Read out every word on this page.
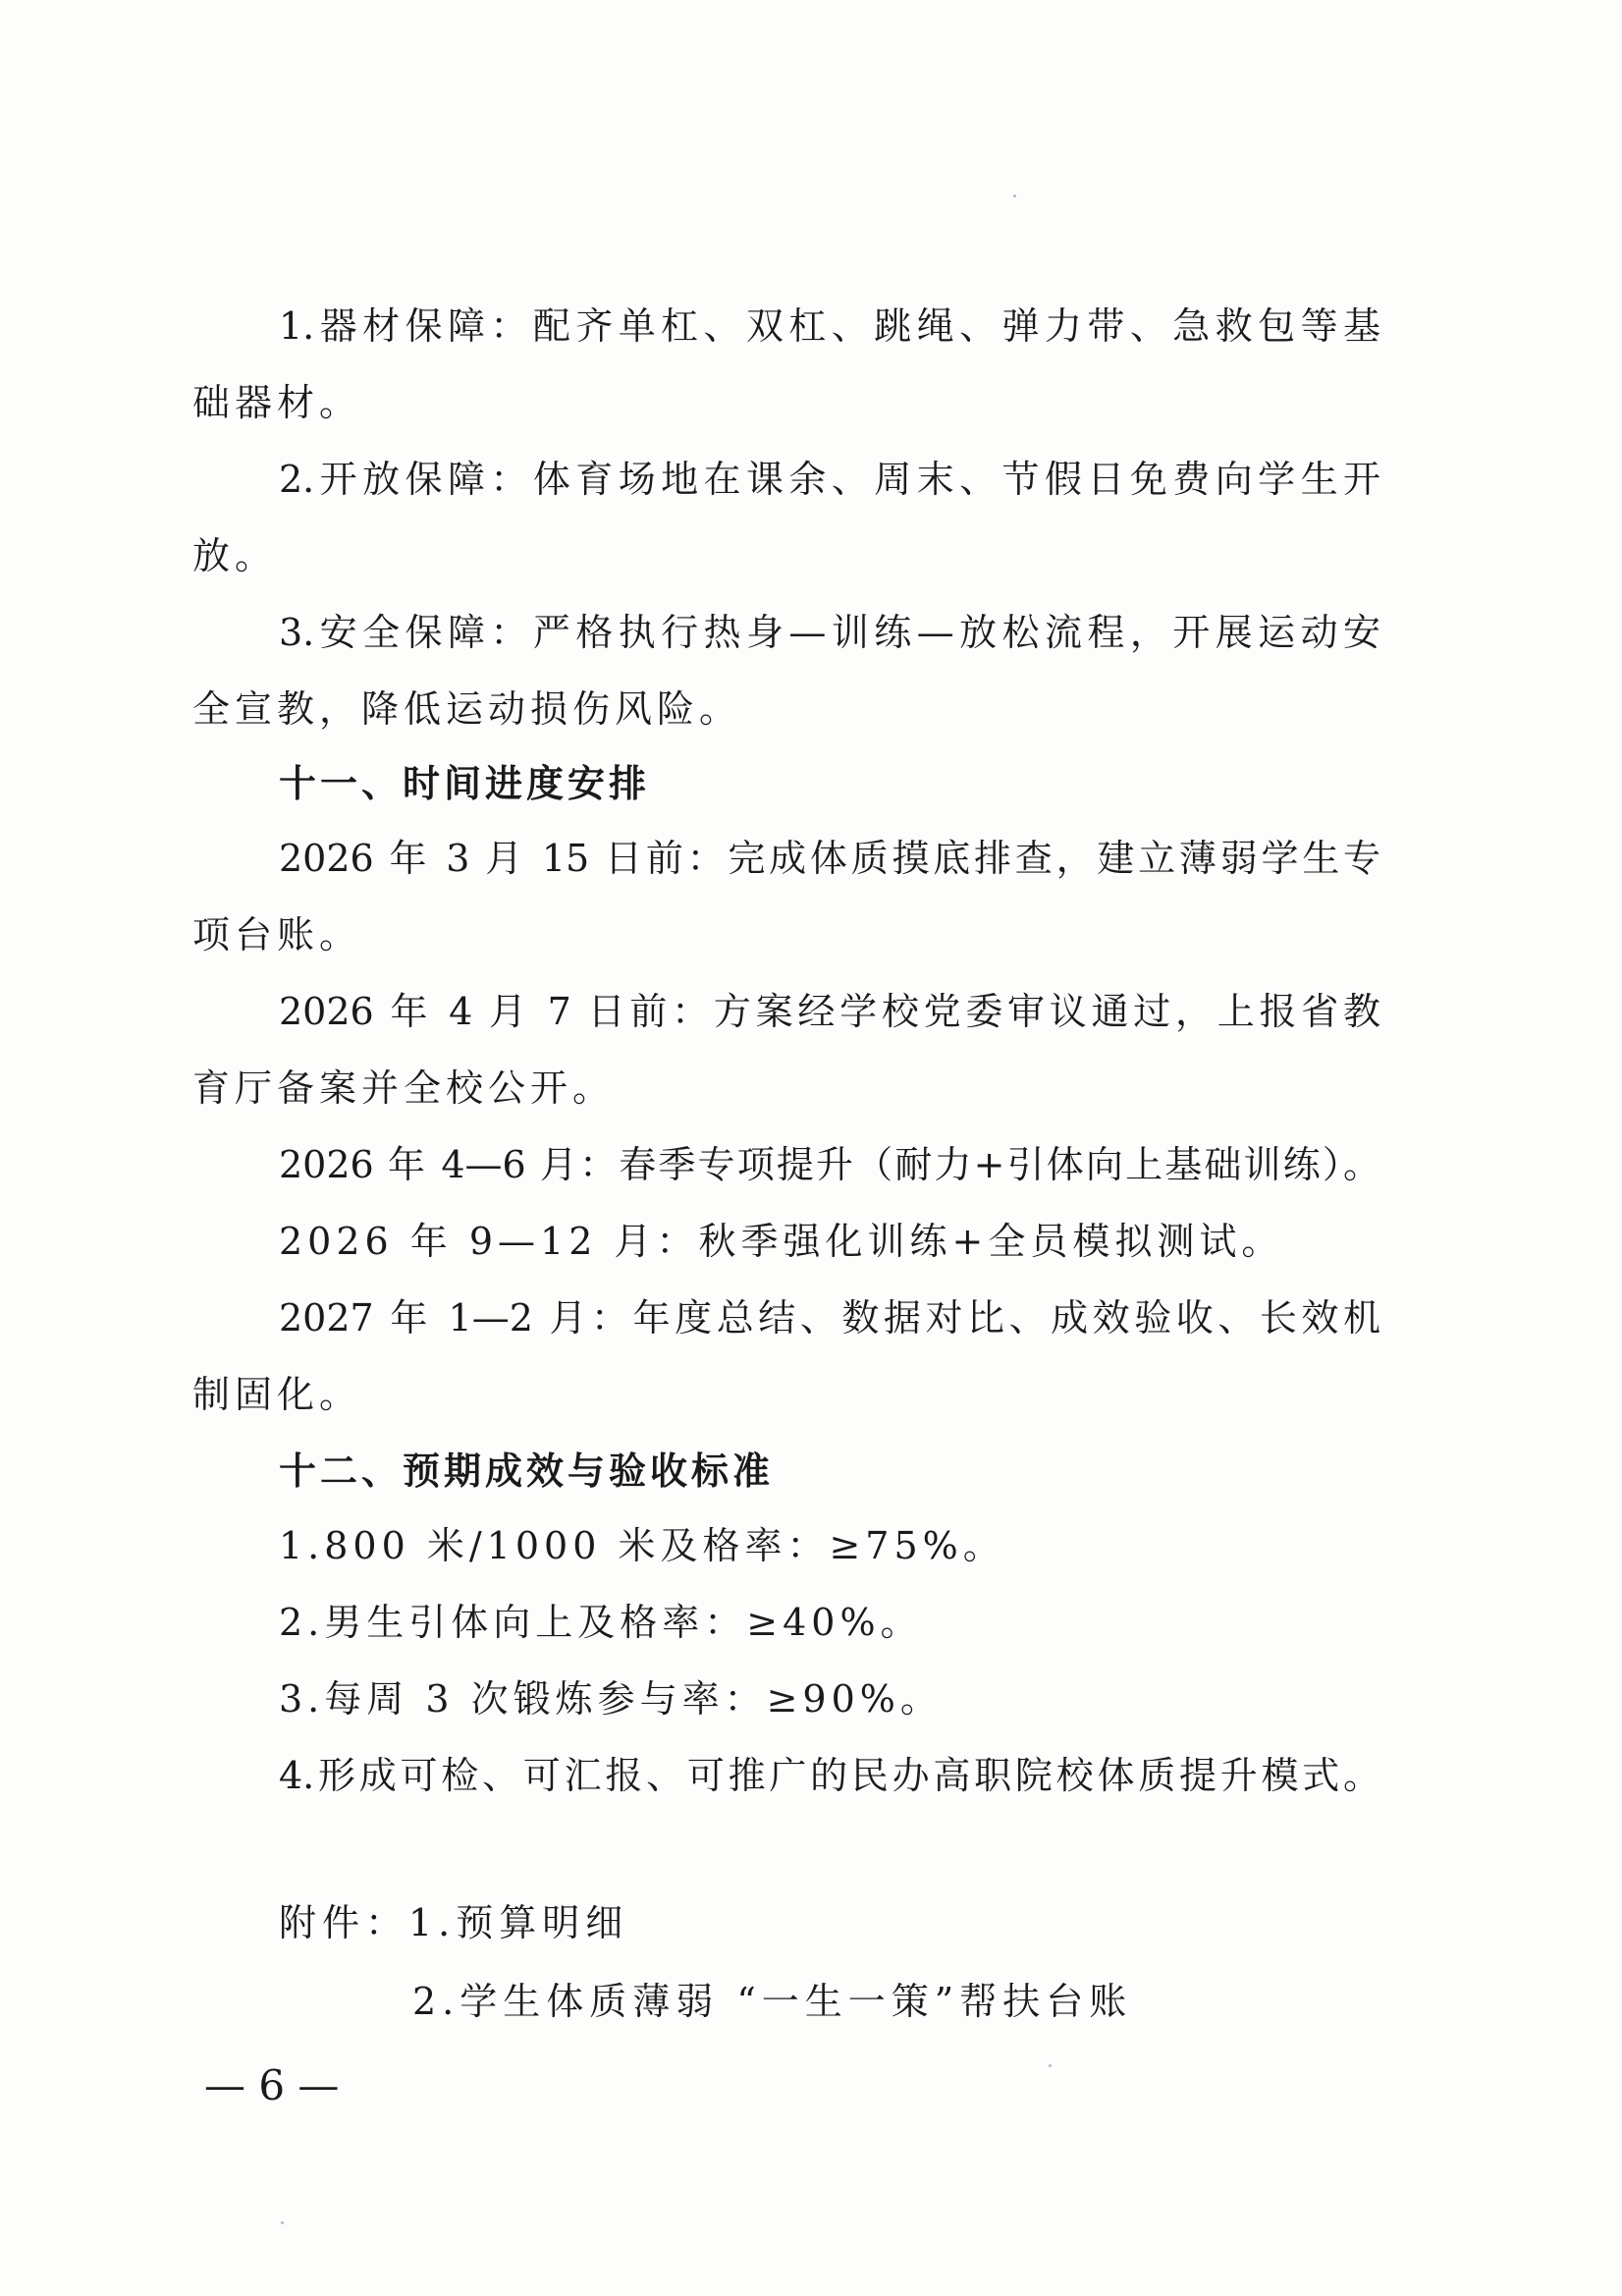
1.器材保障：配齐单杠、双杠、跳绳、弹力带、急救包等基
础器材。
2.开放保障：体育场地在课余、周末、节假日免费向学生开
放。
3.安全保障：严格执行热身—训练—放松流程，开展运动安
全宣教，降低运动损伤风险。
十一、时间进度安排
2026 年 3 月 15 日前：完成体质摸底排查，建立薄弱学生专
项台账。
2026 年 4 月 7 日前：方案经学校党委审议通过，上报省教
育厅备案并全校公开。
2026 年 4—6 月：春季专项提升（耐力+引体向上基础训练）。
2026 年 9—12 月：秋季强化训练+全员模拟测试。
2027 年 1—2 月：年度总结、数据对比、成效验收、长效机
制固化。
十二、预期成效与验收标准
1.800 米/1000 米及格率：≥75%。
2.男生引体向上及格率：≥40%。
3.每周 3 次锻炼参与率：≥90%。
4.形成可检、可汇报、可推广的民办高职院校体质提升模式。
附件：1.预算明细
2.学生体质薄弱 “一生一策”帮扶台账
— 6 —
